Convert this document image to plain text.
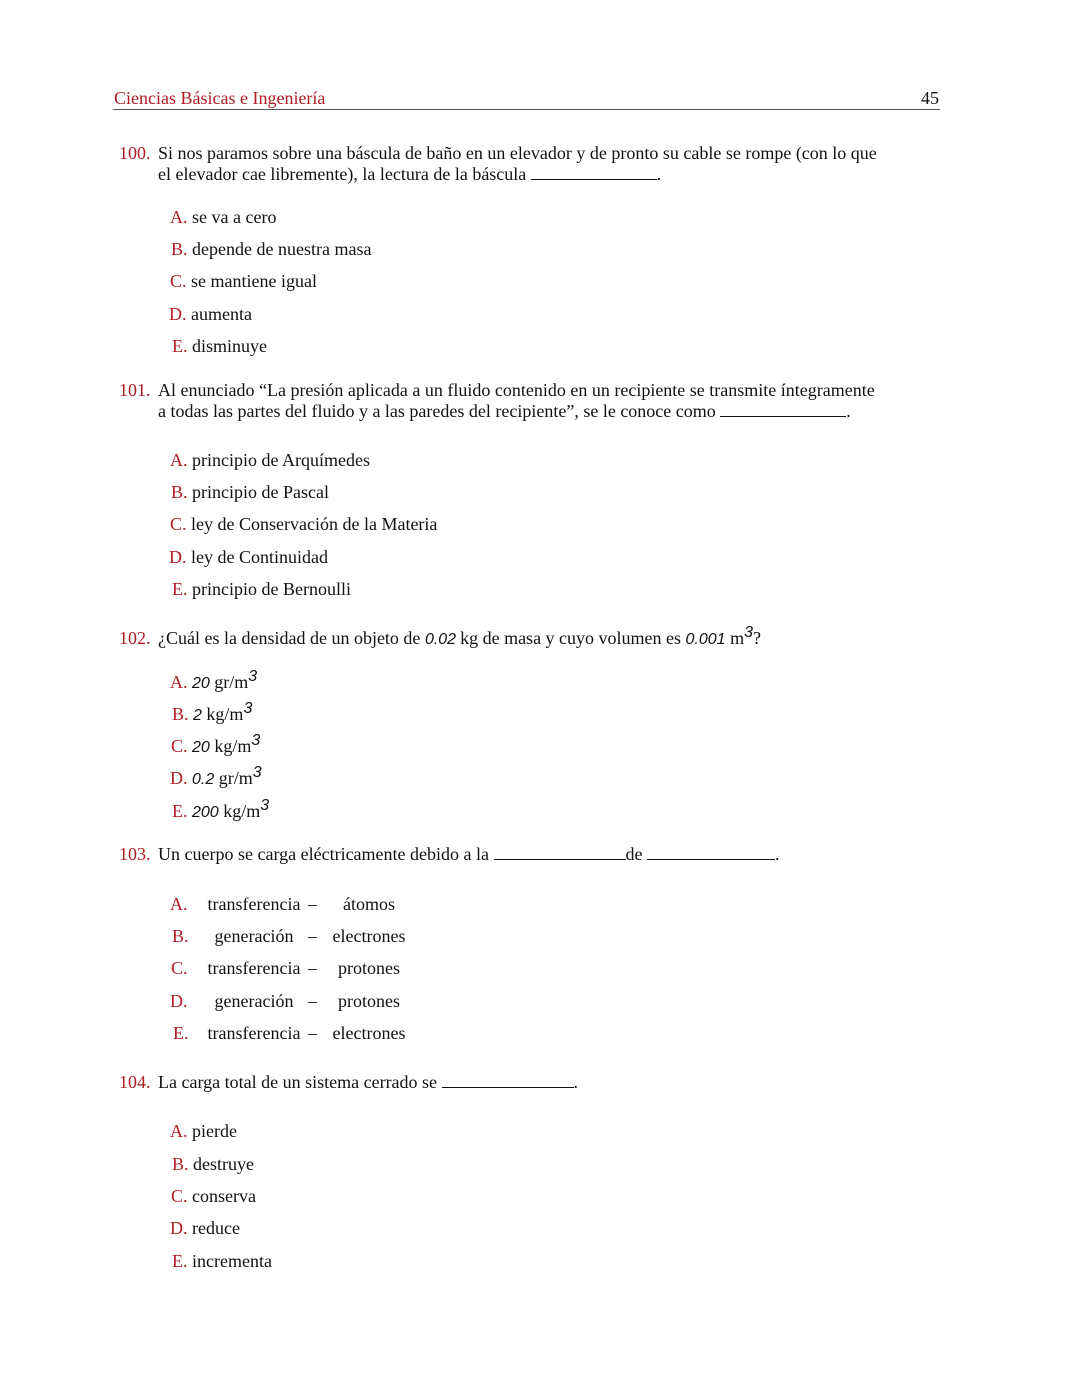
Ciencias Básicas e Ingeniería	45
100. Si nos paramos sobre una báscula de baño en un elevador y de pronto su cable se rompe (con lo que
el elevador cae libremente), la lectura de la báscula	.
A. se va a cero
B. depende de nuestra masa
C. se mantiene igual
D. aumenta
E. disminuye
101. Al enunciado “La presión aplicada a un fluido contenido en un recipiente se transmite íntegramente
a todas las partes del fluido y a las paredes del recipiente”, se le conoce como	.
A. principio de Arquímedes
B. principio de Pascal
C. ley de Conservación de la Materia
D. ley de Continuidad
E. principio de Bernoulli
102. ¿Cuál es la densidad de un objeto de 0.02 kg de masa y cuyo volumen es 0.001 $m^3$?
A. 20 $gr/m^3$
B. 2 $kg/m^3$
C. 20 $kg/m^3$
D. 0.2 $gr/m^3$
E. 200 $kg/m^3$
103. Un cuerpo se carga eléctricamente debido a la	de	.
A.	transferencia –	átomos
B.	generación – electrones
C.	transferencia –	protones
D.	generación –	protones
E.	transferencia – electrones
104. La carga total de un sistema cerrado se	.
A. pierde
B. destruye
C. conserva
D. reduce
E. incrementa
